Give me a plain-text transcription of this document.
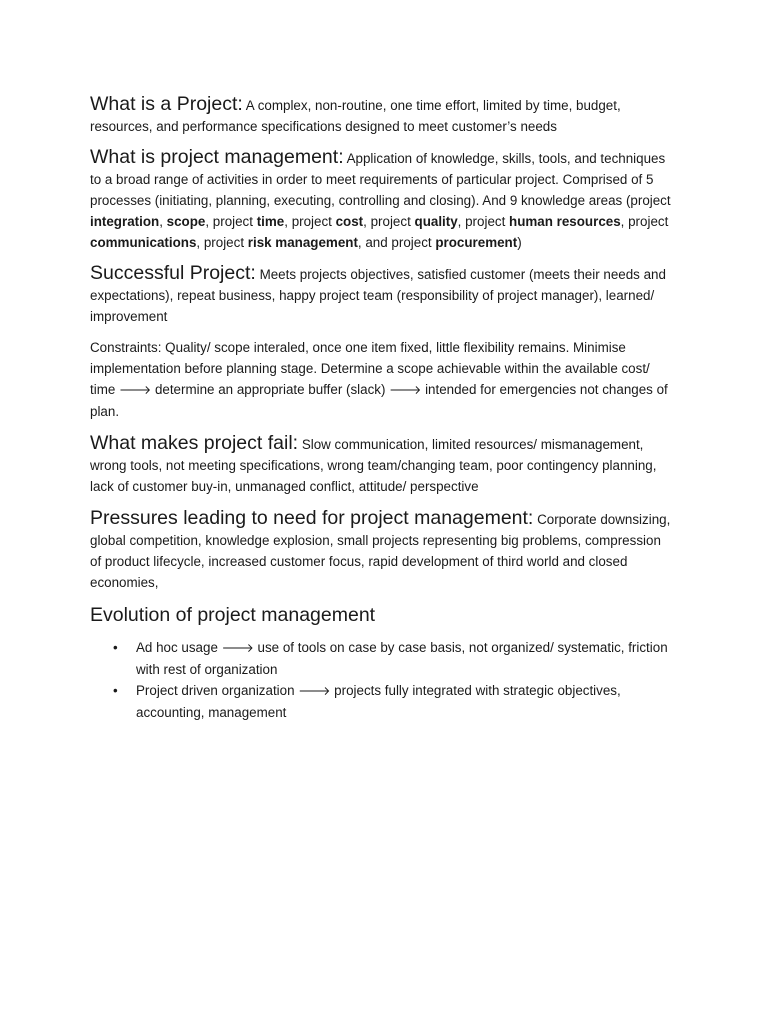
What is a Project: A complex, non-routine, one time effort, limited by time, budget, resources, and performance specifications designed to meet customer’s needs

What is project management: Application of knowledge, skills, tools, and techniques to a broad range of activities in order to meet requirements of particular project. Comprised of 5 processes (initiating, planning, executing, controlling and closing). And 9 knowledge areas (project integration, scope, project time, project cost, project quality, project human resources, project communications, project risk management, and project procurement)

Successful Project: Meets projects objectives, satisfied customer (meets their needs and expectations), repeat business, happy project team (responsibility of project manager), learned/ improvement

Constraints: Quality/ scope interaled, once one item fixed, little flexibility remains. Minimise implementation before planning stage. Determine a scope achievable within the available cost/ time 🡒 determine an appropriate buffer (slack) 🡒 intended for emergencies not changes of plan.

What makes project fail: Slow communication, limited resources/ mismanagement, wrong tools, not meeting specifications, wrong team/changing team, poor contingency planning, lack of customer buy-in, unmanaged conflict, attitude/ perspective

Pressures leading to need for project management: Corporate downsizing, global competition, knowledge explosion, small projects representing big problems, compression of product lifecycle, increased customer focus, rapid development of third world and closed economies,

Evolution of project management
• Ad hoc usage 🡒 use of tools on case by case basis, not organized/ systematic, friction with rest of organization
• Project driven organization 🡒 projects fully integrated with strategic objectives, accounting, management
